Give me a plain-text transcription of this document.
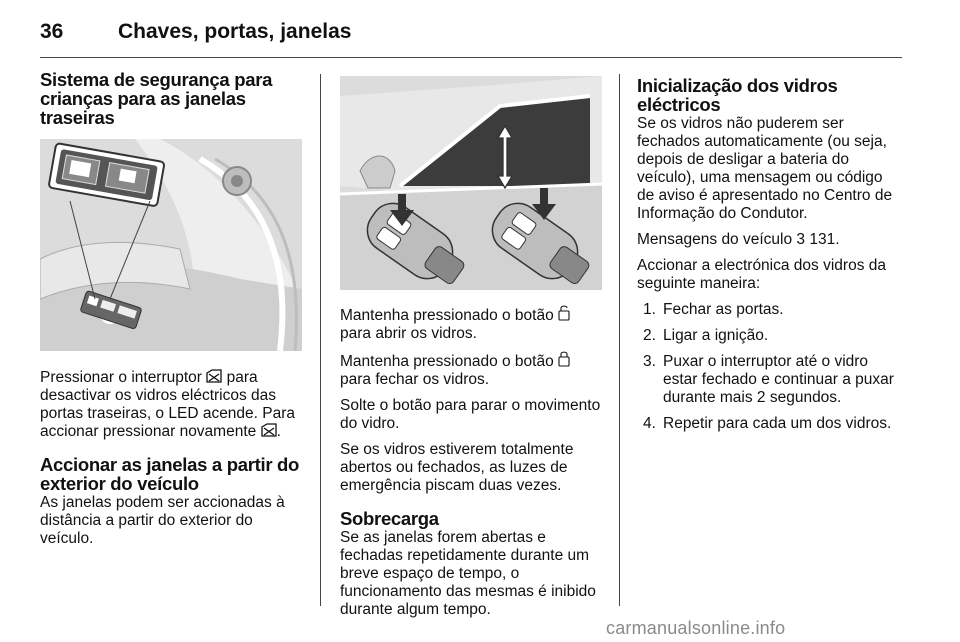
36	Chaves, portas, janelas
Sistema de segurança para crianças para as janelas traseiras

Pressionar o interruptor para desactivar os vidros eléctricos das portas traseiras, o LED acende. Para accionar pressionar novamente .

Accionar as janelas a partir do exterior do veículo

As janelas podem ser accionadas à distância a partir do exterior do veículo.

Mantenha pressionado o botão  para abrir os vidros.

Mantenha pressionado o botão  para fechar os vidros.

Solte o botão para parar o movimento do vidro.

Se os vidros estiverem totalmente abertos ou fechados, as luzes de emergência piscam duas vezes.

Sobrecarga

Se as janelas forem abertas e fechadas repetidamente durante um breve espaço de tempo, o funcionamento das mesmas é inibido durante algum tempo.

Inicialização dos vidros eléctricos

Se os vidros não puderem ser fechados automaticamente (ou seja, depois de desligar a bateria do veículo), uma mensagem ou código de aviso é apresentado no Centro de Informação do Condutor.

Mensagens do veículo 3 131.

Accionar a electrónica dos vidros da seguinte maneira:

1. Fechar as portas.
2. Ligar a ignição.
3. Puxar o interruptor até o vidro estar fechado e continuar a puxar durante mais 2 segundos.
4. Repetir para cada um dos vidros.
carmanualsonline.info
